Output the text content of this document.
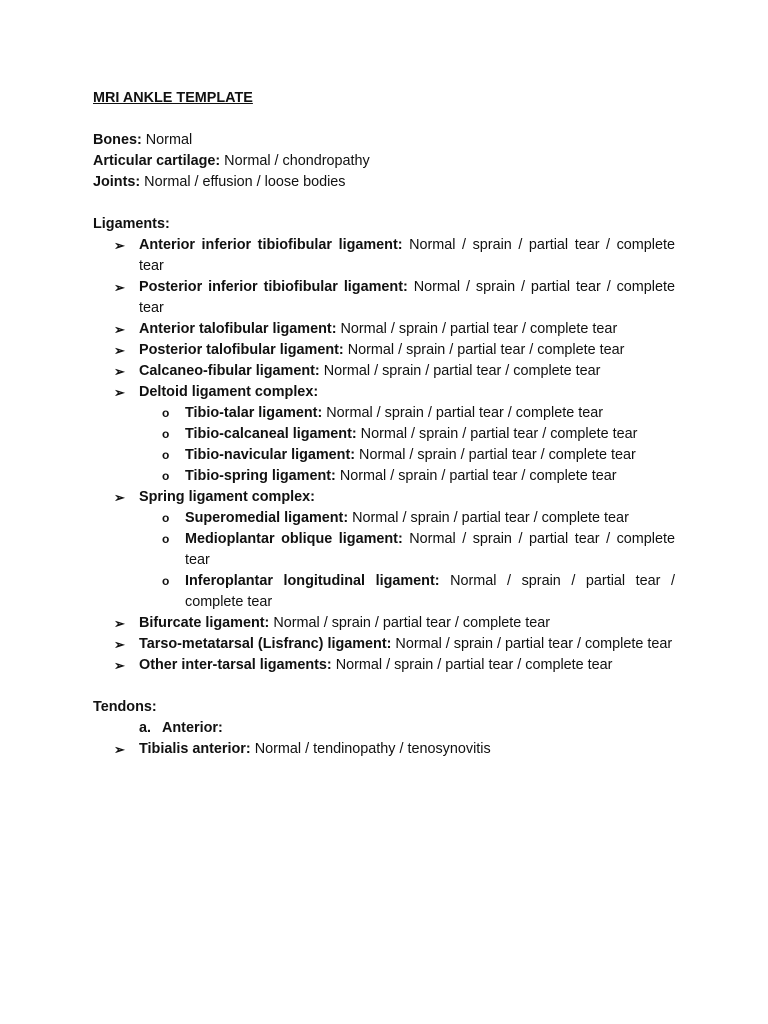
MRI ANKLE TEMPLATE

Bones: Normal

Articular cartilage: Normal / chondropathy

Joints: Normal / effusion / loose bodies

Ligaments:

➢ Anterior inferior tibiofibular ligament: Normal / sprain / partial tear / complete tear
➢ Posterior inferior tibiofibular ligament: Normal / sprain / partial tear / complete tear
➢ Anterior talofibular ligament: Normal / sprain / partial tear / complete tear
➢ Posterior talofibular ligament: Normal / sprain / partial tear / complete tear
➢ Calcaneo-fibular ligament: Normal / sprain / partial tear / complete tear
➢ Deltoid ligament complex:
o Tibio-talar ligament: Normal / sprain / partial tear / complete tear
o Tibio-calcaneal ligament: Normal / sprain / partial tear / complete tear
o Tibio-navicular ligament: Normal / sprain / partial tear / complete tear
o Tibio-spring ligament: Normal / sprain / partial tear / complete tear
➢ Spring ligament complex:
o Superomedial ligament: Normal / sprain / partial tear / complete tear
o Medioplantar oblique ligament: Normal / sprain / partial tear / complete tear
o Inferoplantar longitudinal ligament: Normal / sprain / partial tear / complete tear
➢ Bifurcate ligament: Normal / sprain / partial tear / complete tear
➢ Tarso-metatarsal (Lisfranc) ligament: Normal / sprain / partial tear / complete tear
➢ Other inter-tarsal ligaments: Normal / sprain / partial tear / complete tear

Tendons:

a. Anterior:

➢ Tibialis anterior: Normal / tendinopathy / tenosynovitis
